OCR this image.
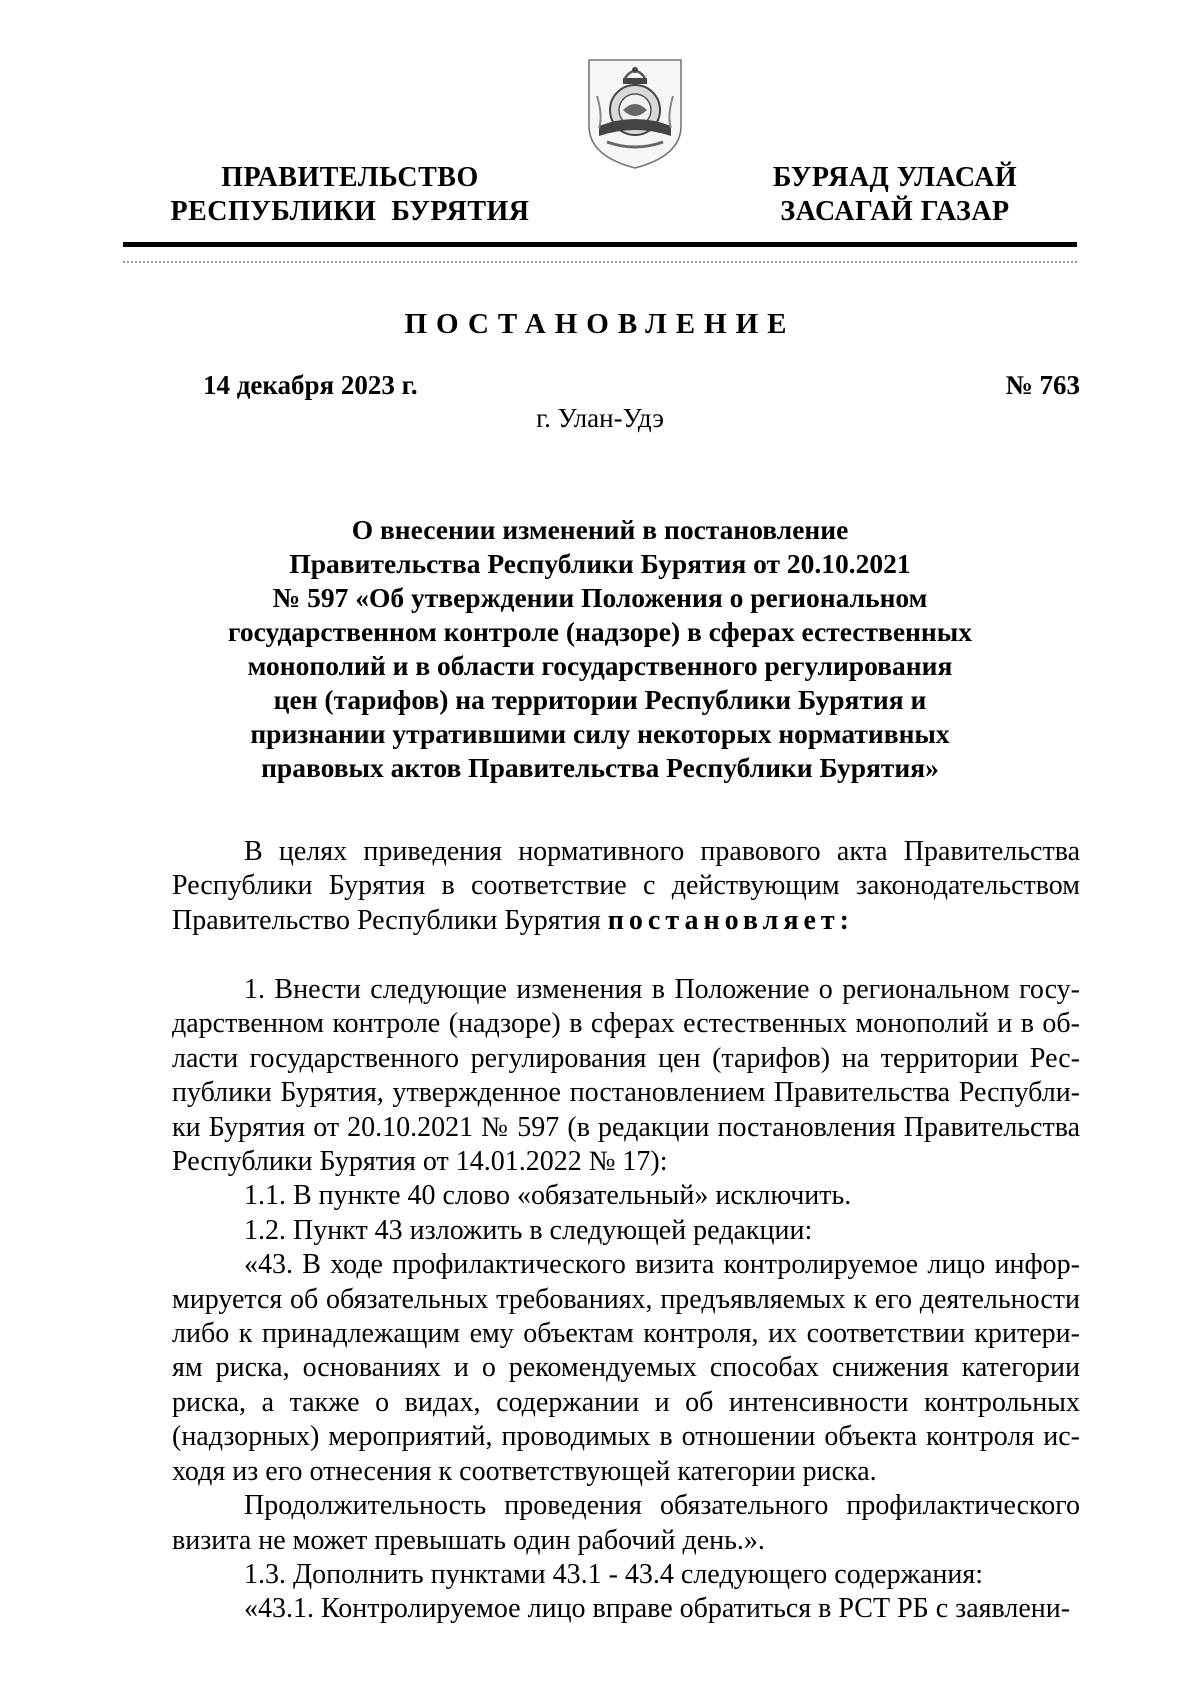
ПРАВИТЕЛЬСТВО
РЕСПУБЛИКИ  БУРЯТИЯ
БУРЯАД УЛАСАЙ
ЗАСАГАЙ ГАЗАР
ПОСТАНОВЛЕНИЕ
14 декабря 2023 г.	№ 763
г. Улан-Удэ
О внесении изменений в постановление
Правительства Республики Бурятия от 20.10.2021
№ 597 «Об утверждении Положения о региональном
государственном контроле (надзоре) в сферах естественных
монополий и в области государственного регулирования
цен (тарифов) на территории Республики Бурятия и
признании утратившими силу некоторых нормативных
правовых актов Правительства Республики Бурятия»

В целях приведения нормативного правового акта Правительства Республики Бурятия в соответствие с действующим законодательством Правительство Республики Бурятия постановляет:

1. Внести следующие изменения в Положение о региональном государственном контроле (надзоре) в сферах естественных монополий и в области государственного регулирования цен (тарифов) на территории Республики Бурятия, утвержденное постановлением Правительства Республики Бурятия от 20.10.2021 № 597 (в редакции постановления Правительства Республики Бурятия от 14.01.2022 № 17):

1.1. В пункте 40 слово «обязательный» исключить.

1.2. Пункт 43 изложить в следующей редакции:

«43. В ходе профилактического визита контролируемое лицо информируется об обязательных требованиях, предъявляемых к его деятельности либо к принадлежащим ему объектам контроля, их соответствии критериям риска, основаниях и о рекомендуемых способах снижения категории риска, а также о видах, содержании и об интенсивности контрольных (надзорных) мероприятий, проводимых в отношении объекта контроля исходя из его отнесения к соответствующей категории риска.

Продолжительность проведения обязательного профилактического визита не может превышать один рабочий день.».

1.3. Дополнить пунктами 43.1 - 43.4 следующего содержания:

«43.1. Контролируемое лицо вправе обратиться в РСТ РБ с заявлени-
